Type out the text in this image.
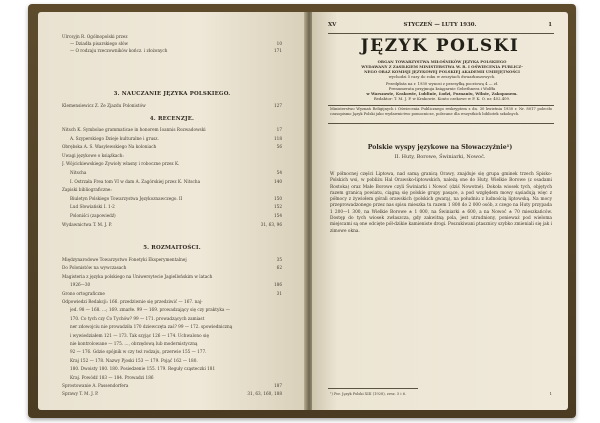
Ulrcsyjn R. Ogólnopolski przez
— Dziadła pisarskiego słów	10
— O rodzaju rzeczowników kończ. i złożonych	171
3. NAUCZANIE JĘZYKA POLSKIEGO.
Klemensiewicz Z. Ze Zjazdu Polonistów	127
4. RECENZJE.
5. ROZMAITOŚCI.
Nitsch K. Symbolae grammaticae in honorem Ioannis Rozwadowski	17
A. Szyperskiego Dzieje kulturalne i grusz.	118
Obrębska A. S. Wasylewskiego Na koloniach	56
Uwagi językowe o książkach:
J. Wójcickiewskiego Żywioły własny i roboczne przez K.
Nitscha	54
I. Ostrzała Frea tom VI w dam A. Zagórskiej przez K. Nitscha	140
Zapiski bibliograficzne:
Biuletyn Polskiego Towarzystwa Językoznawczego. II	150
Lud Słowiański I. 1-2	152
Poloniści (zapowiedź)	154
Wydawnictwa T. M. J. P.	31, 63, 96
Międzynarodowe Towarzystwo Fonetyki Eksperymentalnej	35
Do Polonistów na wywczasach	62
Magisteria z języka polskiego na Uniwersytecie Jagiellońskim w latach
1926—30	186
Grono ortograficzne	31
Odpowiedzi Redakcji: 166. przedziwnie się przedziwić — 167. naj-
jed. 98 — 168. …; 169. zmarłe. 99 — 169. prowadzający się czy praktyka —
170. Co tych czy Co Tychów? 99 — 171. prowadzących zamiast
ner zdowojciu nie prowadziła 170 dziewczęta zaś? 99 — 172. spowiedniczną
i wywiedziałem 121 — 173. Tak szyjąc 126 — 174. Uchwalono się
nie kontrolowane — 175. …, obrzędową lub modernistyczną
92 — 176. Gdzie spójnik w czy też rodzaju, przerwie 155 — 177.
Kraj 152 — 178. Nazwy Pjoski 153 — 179. Pojąć 162 — 180.
180. Dwoisty 180. 180. Posiedzenie 155. 179. Reguły cząsteczki 181
Kraj. Powódź 183 — 184. Prowadzi 186
Sprostowanie A. Passendorfera	187
Sprawy T. M. J. P.	31, 63, 160, 188
XV	STYCZEŃ — LUTY 1930.	1
JĘZYK POLSKI
ORGAN TOWARZYSTWA MIŁOŚNIKÓW JĘZYKA POLSKIEGO
WYDAWANY Z ZASIŁKIEM MINISTERSTWA W. R. I OŚWIECENIA PUBLICZ-
NEGO ORAZ KOMISJI JĘZYKOWEJ POLSKIEJ AKADEMII UMIEJĘTNOŚCI
wychodzi 5 razy do roku w zeszytach dwuarkuszowych.
Przedpłata na r. 1930 wynosi z przesyłką pocztową 4 — zł.
Prenumerata przyjmuja księgarnie Gebethnera i Wolffa
w Warszawie, Krakowie, Lublinie, Łodzi, Poznaniu, Wilnie, Zakopanem.
Redaktor: T. M. J. P. w Krakowie. Konto czekowe w P. K. O. nr. 402.409.
Ministerstwo Wyznań Religijnych i Oświecenia Publicznego reskryptem z dn. 30 kwietnia 1930 r. Nr. 8017 poleciło czasopismo Język Polski jako wydawnictwo pomocnicze, polecane dla wszystkich bibliotek szkolnych.
Polskie wyspy językowe na Słowaczyźnie¹)
II. Huty, Borowe, Świniarki, Nowoć.
W północnej części Liptowa, nad samą granicą Orawy, znajduje się grupa gminek trzech Spisko-Polskich wsi, w pobliżu Hal Orawsko-liptowskich, należą one do Huty, Wielkie Borowe (z osadami Rostoka) oraz Małe Borowe czyli Świniarki i Nowoć (dziś Nowotné). Dokoła wiosek tych, objętych razem granicą powiatu, ciągną się polskie grupy pasące, a pod względem mowy sąsiadują więc z północy z żywiołem górali orawskich (polskich gwarą), na południu z ludnością liptowską. Na mocy przeprowadzonego przez nas spisu mieszka tu razem 1 800 do 2 000 osób, z czego na Huty przypada 1 200—1 300, na Wielkie Borowe ± 1 000, na Świniarki ± 600, a na Nowoć ± 70 mieszkańców. Dostęp do tych wiosek zwłaszcza, gdy zakwitną pola, jest utrudniony, ponieważ pod wieloma miejscami są one odcięte pół-dzikie kamieniste drogi. Poszukiwani ptasznicy szybko zmieniali się jak i zimowe okna.
¹) Por. Język Polski XIII (1928), zesz. 5 i 6.	1
